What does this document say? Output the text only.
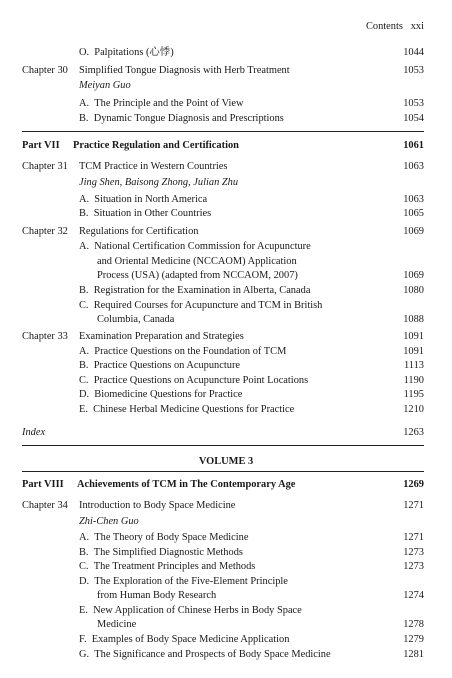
Contents xxi
O.  Palpitations (心悸)	1044
Chapter 30 Simplified Tongue Diagnosis with Herb Treatment	1053
Meiyan Guo
A.  The Principle and the Point of View	1053
B.  Dynamic Tongue Diagnosis and Prescriptions	1054
Part VII Practice Regulation and Certification	1061
Chapter 31 TCM Practice in Western Countries	1063
Jing Shen, Baisong Zhong, Julian Zhu
A.  Situation in North America	1063
B.  Situation in Other Countries	1065
Chapter 32 Regulations for Certification	1069
A.  National Certification Commission for Acupuncture
and Oriental Medicine (NCCAOM) Application
Process (USA) (adapted from NCCAOM, 2007)	1069
B.  Registration for the Examination in Alberta, Canada	1080
C.  Required Courses for Acupuncture and TCM in British
Columbia, Canada	1088
Chapter 33 Examination Preparation and Strategies	1091
A.  Practice Questions on the Foundation of TCM	1091
B.  Practice Questions on Acupuncture	1113
C.  Practice Questions on Acupuncture Point Locations	1190
D.  Biomedicine Questions for Practice	1195
E.  Chinese Herbal Medicine Questions for Practice	1210
Index	1263
VOLUME 3
Part VIII Achievements of TCM in The Contemporary Age	1269
Chapter 34 Introduction to Body Space Medicine	1271
Zhi-Chen Guo
A.  The Theory of Body Space Medicine	1271
B.  The Simplified Diagnostic Methods	1273
C.  The Treatment Principles and Methods	1273
D.  The Exploration of the Five-Element Principle
from Human Body Research	1274
E.  New Application of Chinese Herbs in Body Space
Medicine	1278
F.  Examples of Body Space Medicine Application	1279
G.  The Significance and Prospects of Body Space Medicine	1281
